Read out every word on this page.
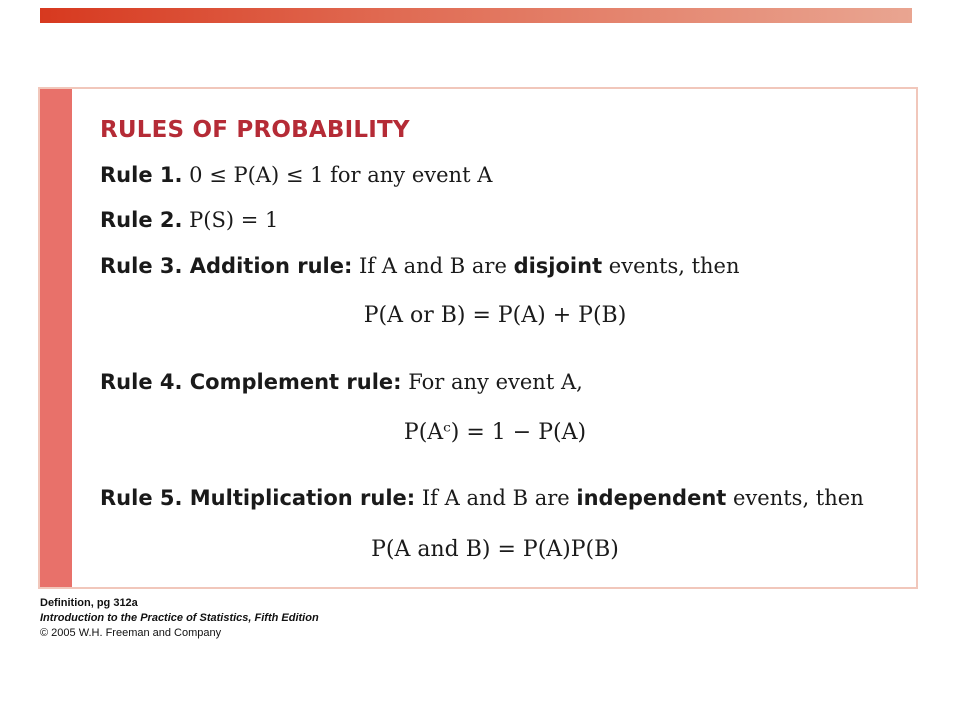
RULES OF PROBABILITY
Rule 1. 0 ≤ P(A) ≤ 1 for any event A
Rule 2. P(S) = 1
Rule 3. Addition rule: If A and B are disjoint events, then
P(A or B) = P(A) + P(B)
Rule 4. Complement rule: For any event A,
P(Aᶜ) = 1 − P(A)
Rule 5. Multiplication rule: If A and B are independent events, then
P(A and B) = P(A)P(B)
Definition, pg 312a
Introduction to the Practice of Statistics, Fifth Edition
© 2005 W.H. Freeman and Company
